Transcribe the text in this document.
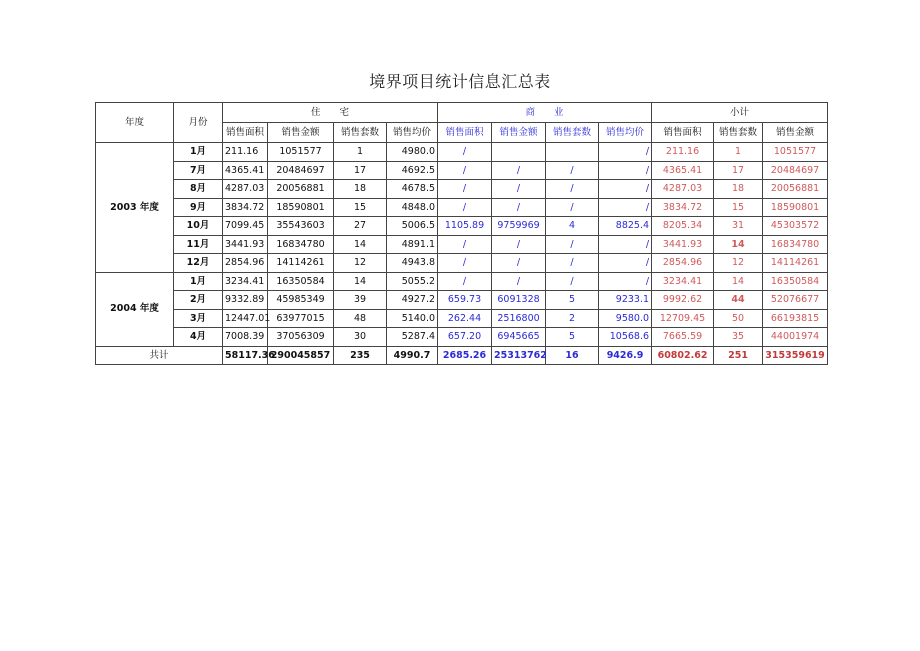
境界项目统计信息汇总表
年度	月份	住　　宅				商　　业				小计		
		销售面积	销售金额	销售套数	销售均价	销售面积	销售金额	销售套数	销售均价	销售面积	销售套数	销售金额
2003 年度	1月	211.16	1051577	1	4980.0	/			/	211.16	1	1051577
	7月	4365.41	20484697	17	4692.5	/	/	/	/	4365.41	17	20484697
	8月	4287.03	20056881	18	4678.5	/	/	/	/	4287.03	18	20056881
	9月	3834.72	18590801	15	4848.0	/	/	/	/	3834.72	15	18590801
	10月	7099.45	35543603	27	5006.5	1105.89	9759969	4	8825.4	8205.34	31	45303572
	11月	3441.93	16834780	14	4891.1	/	/	/	/	3441.93	14	16834780
	12月	2854.96	14114261	12	4943.8	/	/	/	/	2854.96	12	14114261
2004 年度	1月	3234.41	16350584	14	5055.2	/	/	/	/	3234.41	14	16350584
	2月	9332.89	45985349	39	4927.2	659.73	6091328	5	9233.1	9992.62	44	52076677
	3月	12447.01	63977015	48	5140.0	262.44	2516800	2	9580.0	12709.45	50	66193815
	4月	7008.39	37056309	30	5287.4	657.20	6945665	5	10568.6	7665.59	35	44001974
共计		58117.36	290045857	235	4990.7	2685.26	25313762	16	9426.9	60802.62	251	315359619
